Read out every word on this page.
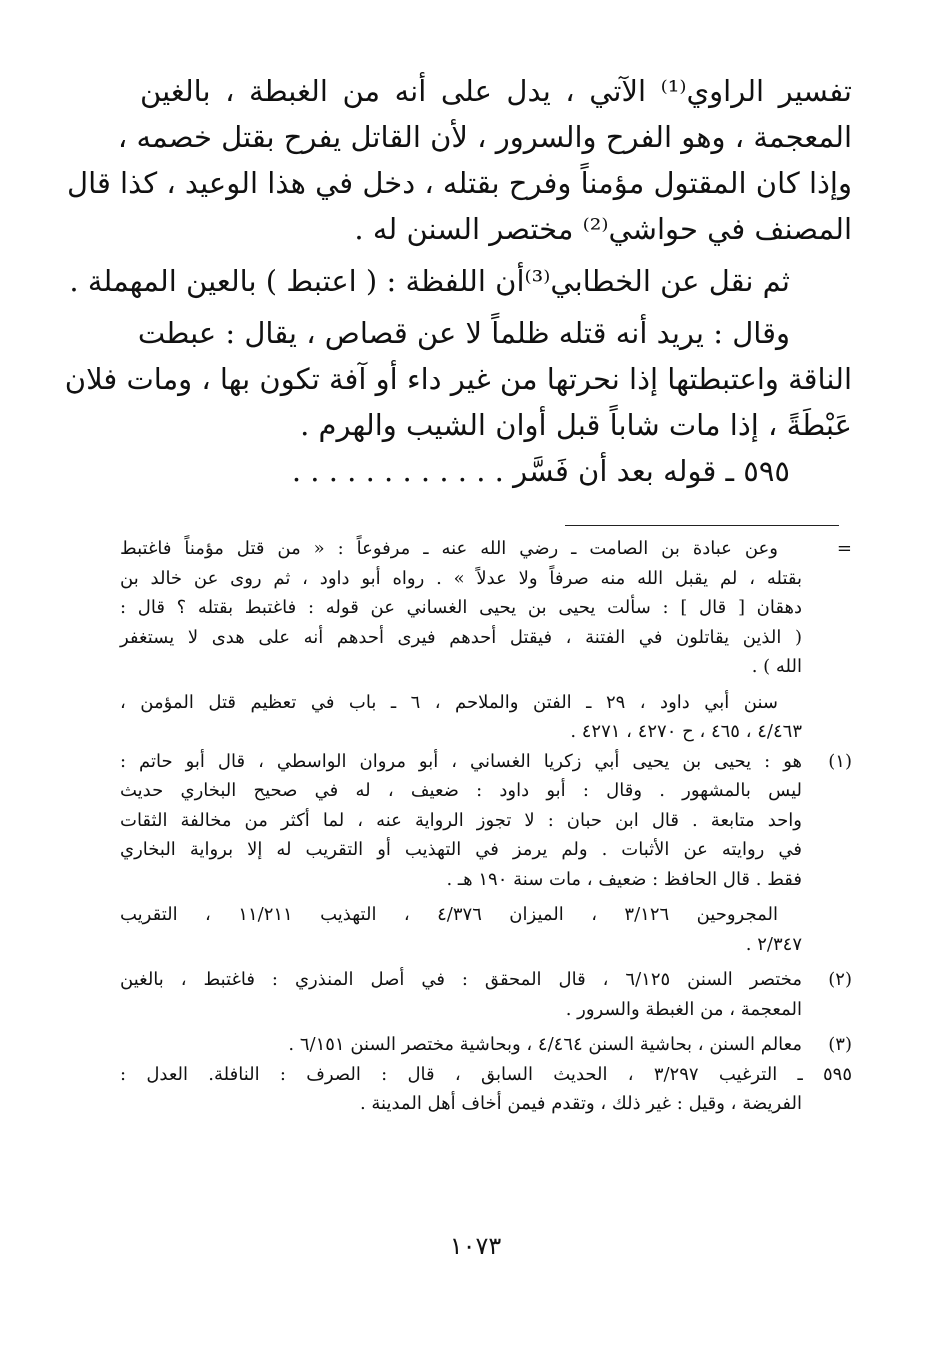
تفسير الراوي⁽¹⁾ الآتي ، يدل على أنه من الغبطة ، بالغين
المعجمة ، وهو الفرح والسرور ، لأن القاتل يفرح بقتل خصمه ،
وإذا كان المقتول مؤمناً وفرح بقتله ، دخل في هذا الوعيد ، كذا قال
المصنف في حواشي⁽²⁾ مختصر السنن له .
ثم نقل عن الخطابي⁽³⁾أن اللفظة : ( اعتبط ) بالعين المهملة .
وقال : يريد أنه قتله ظلماً لا عن قصاص ، يقال : عبطت
الناقة واعتبطتها إذا نحرتها من غير داء أو آفة تكون بها ، ومات فلان
عَبْطَةً ، إذا مات شاباً قبل أوان الشيب والهرم .
٥٩٥ ـ قوله بعد أن فَسَّر . . . . . . . . . . . .
=
وعن عبادة بن الصامت ـ رضي الله عنه ـ مرفوعاً : « من قتل مؤمناً فاغتبط
بقتله ، لم يقبل الله منه صرفاً ولا عدلاً » . رواه أبو داود ، ثم روى عن خالد بن
دهقان [ قال ] : سألت يحيى بن يحيى الغساني عن قوله : فاغتبط بقتله ؟ قال :
( الذين يقاتلون في الفتنة ، فيقتل أحدهم فيرى أحدهم أنه على هدى لا يستغفر
الله ) .
سنن أبي داود ، ٢٩ ـ الفتن والملاحم ، ٦ ـ باب في تعظيم قتل المؤمن ،
٤/٤٦٣ ، ٤٦٥ ، ح ٤٢٧٠ ، ٤٢٧١ .
(١)
هو : يحيى بن يحيى أبي زكريا الغساني ، أبو مروان الواسطي ، قال أبو حاتم :
ليس بالمشهور . وقال : أبو داود : ضعيف ، له في صحيح البخاري حديث
واحد متابعة . قال ابن حبان : لا تجوز الرواية عنه ، لما أكثر من مخالفة الثقات
في روايته عن الأثبات . ولم يرمز في التهذيب أو التقريب له إلا برواية البخاري
فقط . قال الحافظ : ضعيف ، مات سنة ١٩٠ هـ .
المجروحين ٣/١٢٦ ، الميزان ٤/٣٧٦ ، التهذيب ١١/٢١١ ، التقريب
٢/٣٤٧ .
(٢)
مختصر السنن ٦/١٢٥ ، قال المحقق : في أصل المنذري : فاغتبط ، بالغين
المعجمة ، من الغبطة والسرور .
(٣)
معالم السنن ، بحاشية السنن ٤/٤٦٤ ، وبحاشية مختصر السنن ٦/١٥١ .
٥٩٥ ـ الترغيب ٣/٢٩٧ ، الحديث السابق ، قال : الصرف : النافلة. العدل :
الفريضة ، وقيل : غير ذلك ، وتقدم فيمن أخاف أهل المدينة .
١٠٧٣
